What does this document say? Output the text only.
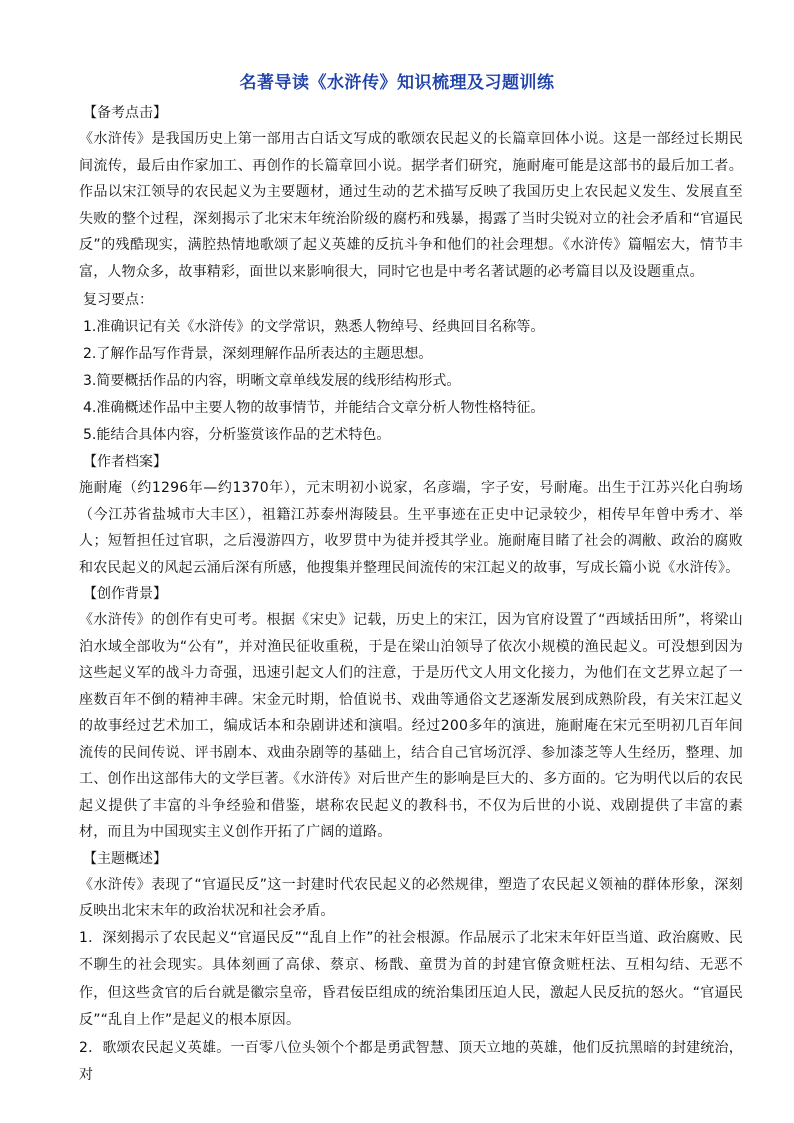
名著导读《水浒传》知识梳理及习题训练
【备考点击】
《水浒传》是我国历史上第一部用古白话文写成的歌颂农民起义的长篇章回体小说。这是一部经过长期民间流传，最后由作家加工、再创作的长篇章回小说。据学者们研究，施耐庵可能是这部书的最后加工者。作品以宋江领导的农民起义为主要题材，通过生动的艺术描写反映了我国历史上农民起义发生、发展直至失败的整个过程，深刻揭示了北宋末年统治阶级的腐朽和残暴，揭露了当时尖锐对立的社会矛盾和“官逼民反”的残酷现实，满腔热情地歌颂了起义英雄的反抗斗争和他们的社会理想。《水浒传》篇幅宏大，情节丰富，人物众多，故事精彩，面世以来影响很大，同时它也是中考名著试题的必考篇目以及设题重点。
复习要点：
1.准确识记有关《水浒传》的文学常识，熟悉人物绰号、经典回目名称等。
2.了解作品写作背景，深刻理解作品所表达的主题思想。
3.简要概括作品的内容，明晰文章单线发展的线形结构形式。
4.准确概述作品中主要人物的故事情节，并能结合文章分析人物性格特征。
5.能结合具体内容，分析鉴赏该作品的艺术特色。
【作者档案】
施耐庵（约1296年—约1370年），元末明初小说家，名彦端，字子安，号耐庵。出生于江苏兴化白驹场（今江苏省盐城市大丰区），祖籍江苏泰州海陵县。生平事迹在正史中记录较少，相传早年曾中秀才、举人；短暂担任过官职，之后漫游四方，收罗贯中为徒并授其学业。施耐庵目睹了社会的凋敝、政治的腐败和农民起义的风起云涌后深有所感，他搜集并整理民间流传的宋江起义的故事，写成长篇小说《水浒传》。
【创作背景】
《水浒传》的创作有史可考。根据《宋史》记载，历史上的宋江，因为官府设置了“西域括田所”，将梁山泊水域全部收为“公有”，并对渔民征收重税，于是在梁山泊领导了依次小规模的渔民起义。可没想到因为这些起义军的战斗力奇强，迅速引起文人们的注意，于是历代文人用文化接力，为他们在文艺界立起了一座数百年不倒的精神丰碑。宋金元时期，恰值说书、戏曲等通俗文艺逐渐发展到成熟阶段，有关宋江起义的故事经过艺术加工，编成话本和杂剧讲述和演唱。经过200多年的演进，施耐庵在宋元至明初几百年间流传的民间传说、评书剧本、戏曲杂剧等的基础上，结合自己官场沉浮、参加漆芝等人生经历，整理、加工、创作出这部伟大的文学巨著。《水浒传》对后世产生的影响是巨大的、多方面的。它为明代以后的农民起义提供了丰富的斗争经验和借鉴，堪称农民起义的教科书，不仅为后世的小说、戏剧提供了丰富的素材，而且为中国现实主义创作开拓了广阔的道路。
【主题概述】
《水浒传》表现了“官逼民反”这一封建时代农民起义的必然规律，塑造了农民起义领袖的群体形象，深刻反映出北宋末年的政治状况和社会矛盾。
1．深刻揭示了农民起义“官逼民反”“乱自上作”的社会根源。作品展示了北宋末年奸臣当道、政治腐败、民不聊生的社会现实。具体刻画了高俅、蔡京、杨戬、童贯为首的封建官僚贪赃枉法、互相勾结、无恶不作，但这些贪官的后台就是徽宗皇帝，昏君佞臣组成的统治集团压迫人民，激起人民反抗的怒火。“官逼民反”“乱自上作”是起义的根本原因。
2．歌颂农民起义英雄。一百零八位头领个个都是勇武智慧、顶天立地的英雄，他们反抗黑暗的封建统治，对
